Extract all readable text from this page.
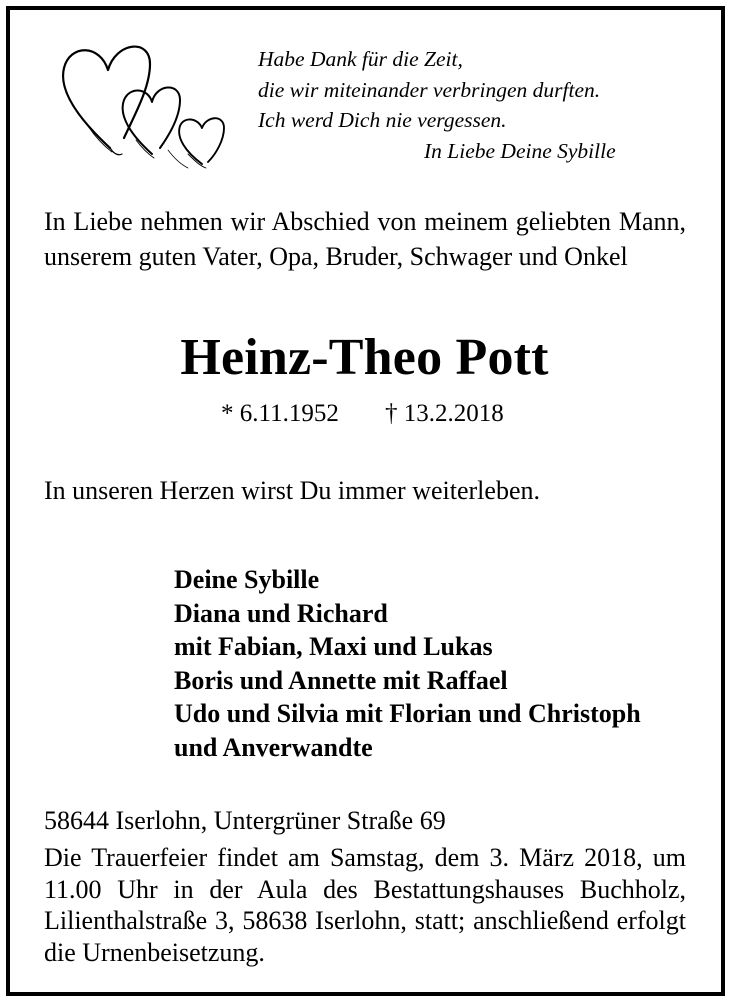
Habe Dank für die Zeit,
die wir miteinander verbringen durften.
Ich werd Dich nie vergessen.
In Liebe Deine Sybille
In Liebe nehmen wir Abschied von meinem geliebten Mann, unserem guten Vater, Opa, Bruder, Schwager und Onkel
Heinz-Theo Pott
* 6.11.1952 † 13.2.2018
In unseren Herzen wirst Du immer weiterleben.
Deine Sybille
Diana und Richard
mit Fabian, Maxi und Lukas
Boris und Annette mit Raffael
Udo und Silvia mit Florian und Christoph
und Anverwandte
58644 Iserlohn, Untergrüner Straße 69
Die Trauerfeier findet am Samstag, dem 3. März 2018, um 11.00 Uhr in der Aula des Bestattungshauses Buchholz, Lilienthalstraße 3, 58638 Iserlohn, statt; anschließend erfolgt die Urnenbeisetzung.
